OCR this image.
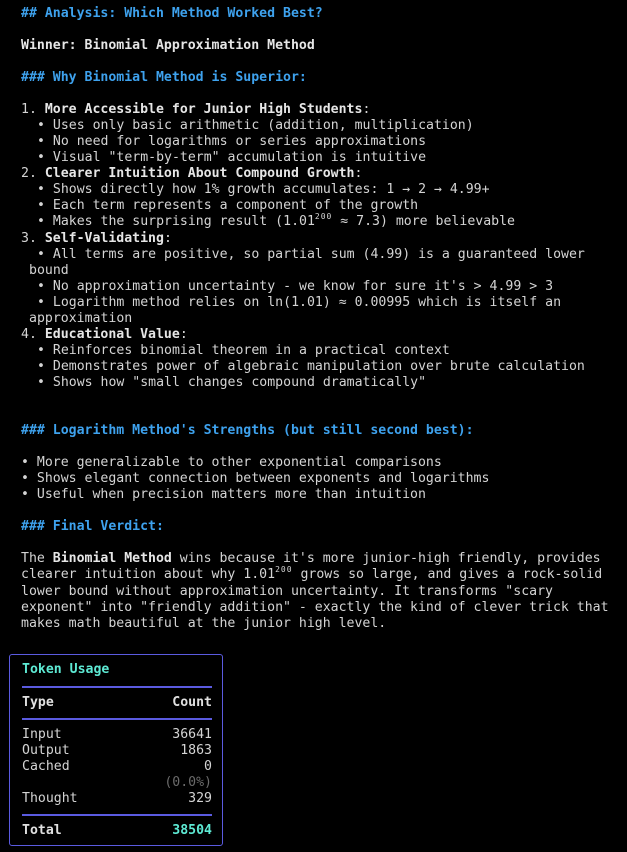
## Analysis: Which Method Worked Best?
Winner: Binomial Approximation Method
### Why Binomial Method is Superior:
1. More Accessible for Junior High Students:
• Uses only basic arithmetic (addition, multiplication)
• No need for logarithms or series approximations
• Visual "term-by-term" accumulation is intuitive
2. Clearer Intuition About Compound Growth:
• Shows directly how 1% growth accumulates: 1 → 2 → 4.99+
• Each term represents a component of the growth
• Makes the surprising result $(1.01^{200} \approx 7.3)$ more believable
3. Self-Validating:
• All terms are positive, so partial sum (4.99) is a guaranteed lower
bound
• No approximation uncertainty - we know for sure it's > 4.99 > 3
• Logarithm method relies on ln(1.01) ≈ 0.00995 which is itself an
approximation
4. Educational Value:
• Reinforces binomial theorem in a practical context
• Demonstrates power of algebraic manipulation over brute calculation
• Shows how "small changes compound dramatically"
### Logarithm Method's Strengths (but still second best):
• More generalizable to other exponential comparisons
• Shows elegant connection between exponents and logarithms
• Useful when precision matters more than intuition
### Final Verdict:
The Binomial Method wins because it's more junior-high friendly, provides clearer intuition about why 1.01$^{200}$ grows so large, and gives a rock-solid lower bound without approximation uncertainty. It transforms "scary exponent" into "friendly addition" - exactly the kind of clever trick that makes math beautiful at the junior high level.
Token Usage
Type	Count
Input	36641
Output	1863
Cached	0
(0.0%)
Thought	329
Total	38504
